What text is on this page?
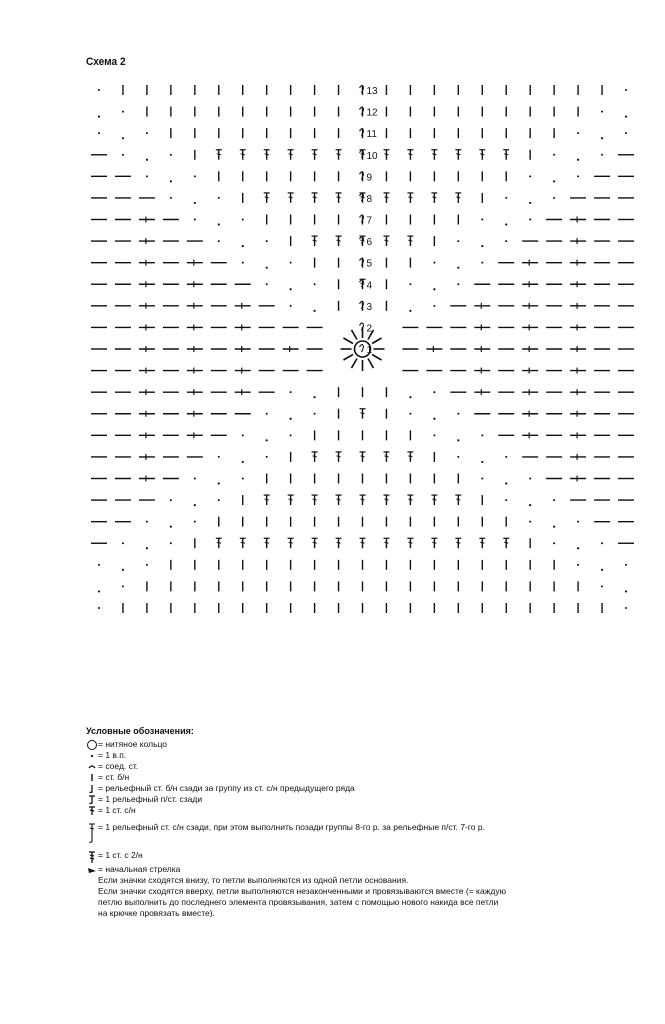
Схема 2
13
12
11
10
9
8
7
6
5
4
3
2
1
Условные обозначения:
= нитяное кольцо
= 1 в.п.
= соед. ст.
= ст. б/н
= рельефный ст. б/н сзади за группу из ст. с/н предыдущего ряда
= 1 рельефный п/ст. сзади
= 1 ст. с/н
= 1 рельефный ст. с/н сзади, при этом выполнить позади группы 8-го р. за рельефные п/ст. 7-го р.
= 1 ст. с 2/н
= начальная стрелка
Если значки сходятся внизу, то петли выполняются из одной петли основания.
Если значки сходятся вверху, петли выполняются незаконченными и провязываются вместе (= каждую петлю выполнить до последнего элемента провязывания, затем с помощью нового накида все петли на крючке провязать вместе).
